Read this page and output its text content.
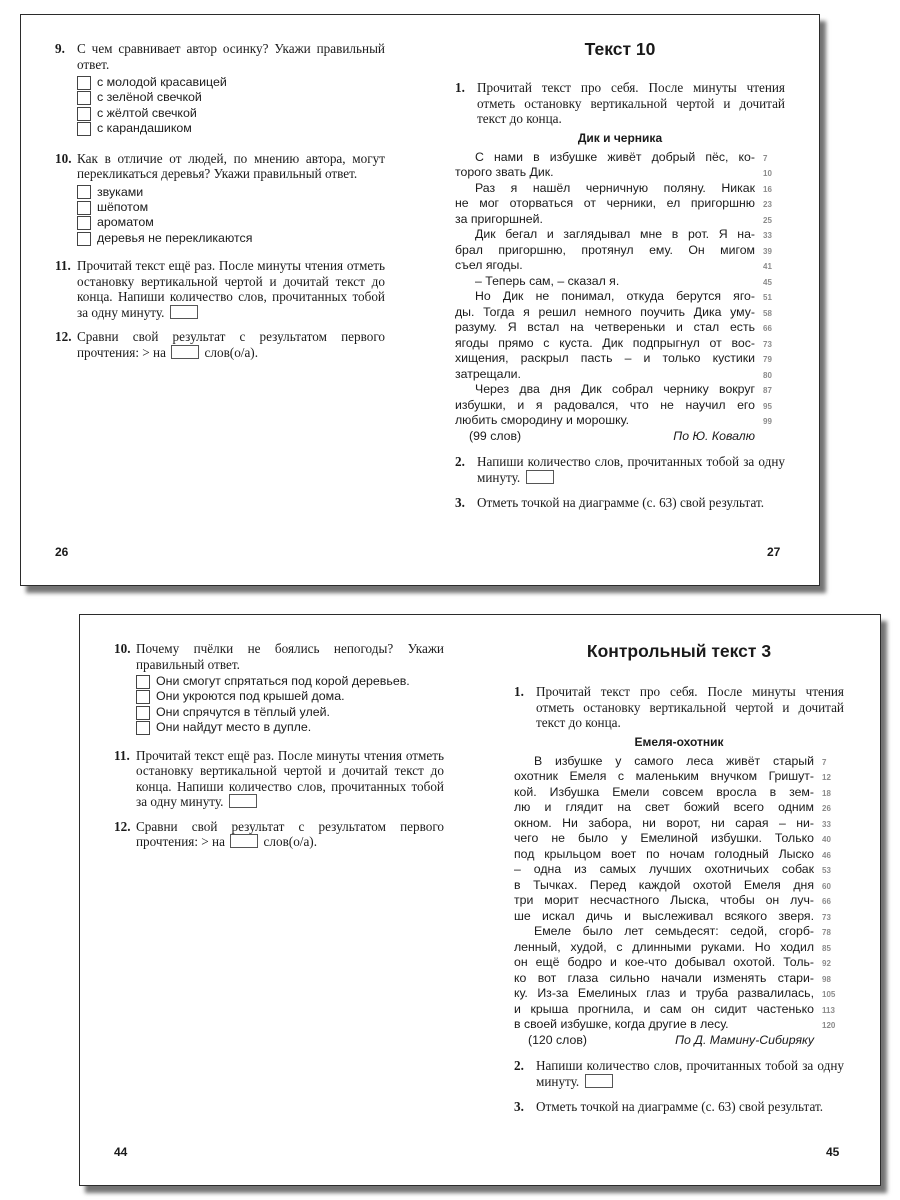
9. С чем сравнивает автор осинку? Укажи правильный ответ.
с молодой красавицей
с зелёной свечкой
с жёлтой свечкой
с карандашиком
10. Как в отличие от людей, по мнению автора, могут перекликаться деревья? Укажи правильный ответ.
звуками
шёпотом
ароматом
деревья не перекликаются
11. Прочитай текст ещё раз. После минуты чтения отметь остановку вертикальной чертой и дочитай текст до конца. Напиши количество слов, прочитанных тобой за одну минуту.
12. Сравни свой результат с результатом первого прочтения: > на	слов(о/а).
26
Текст 10
1. Прочитай текст про себя. После минуты чтения отметь остановку вертикальной чертой и дочитай текст до конца.
Дик и черника
С нами в избушке живёт добрый пёс, ко- 7
торого звать Дик.	10
Раз я нашёл черничную поляну. Никак 16
не мог оторваться от черники, ел пригоршню 23
за пригоршней.	25
Дик бегал и заглядывал мне в рот. Я на- 33
брал пригоршню, протянул ему. Он мигом 39
съел ягоды.	41
– Теперь сам, – сказал я.	45
Но Дик не понимал, откуда берутся яго- 51
ды. Тогда я решил немного поучить Дика уму- 58
разуму. Я встал на четвереньки и стал есть 66
ягоды прямо с куста. Дик подпрыгнул от вос- 73
хищения, раскрыл пасть – и только кустики 79
затрещали.	80
Через два дня Дик собрал чернику вокруг 87
избушки, и я радовался, что не научил его 95
любить смородину и морошку.	99
(99 слов)	По Ю. Ковалю
2. Напиши количество слов, прочитанных тобой за одну минуту.
3. Отметь точкой на диаграмме (с. 63) свой результат.
27
10. Почему пчёлки не боялись непогоды? Укажи правильный ответ.
Они смогут спрятаться под корой деревьев.
Они укроются под крышей дома.
Они спрячутся в тёплый улей.
Они найдут место в дупле.
11. Прочитай текст ещё раз. После минуты чтения отметь остановку вертикальной чертой и дочитай текст до конца. Напиши количество слов, прочитанных тобой за одну минуту.
12. Сравни свой результат с результатом первого прочтения: > на	слов(о/а).
44
Контрольный текст 3
1. Прочитай текст про себя. После минуты чтения отметь остановку вертикальной чертой и дочитай текст до конца.
Емеля-охотник
В избушке у самого леса живёт старый 7
охотник Емеля с маленьким внучком Гришут- 12
кой. Избушка Емели совсем вросла в зем- 18
лю и глядит на свет божий всего одним 26
окном. Ни забора, ни ворот, ни сарая – ни- 33
чего не было у Емелиной избушки. Только 40
под крыльцом воет по ночам голодный Лыско 46
– одна из самых лучших охотничьих собак 53
в Тычках. Перед каждой охотой Емеля дня 60
три морит несчастного Лыска, чтобы он луч- 66
ше искал дичь и выслеживал всякого зверя. 73
Емеле было лет семьдесят: седой, сгорб- 78
ленный, худой, с длинными руками. Но ходил 85
он ещё бодро и кое-что добывал охотой. Толь- 92
ко вот глаза сильно начали изменять стари- 98
ку. Из-за Емелиных глаз и труба развалилась, 105
и крыша прогнила, и сам он сидит частенько 113
в своей избушке, когда другие в лесу.	120
(120 слов)	По Д. Мамину-Сибиряку
2. Напиши количество слов, прочитанных тобой за одну минуту.
3. Отметь точкой на диаграмме (с. 63) свой результат.
45
